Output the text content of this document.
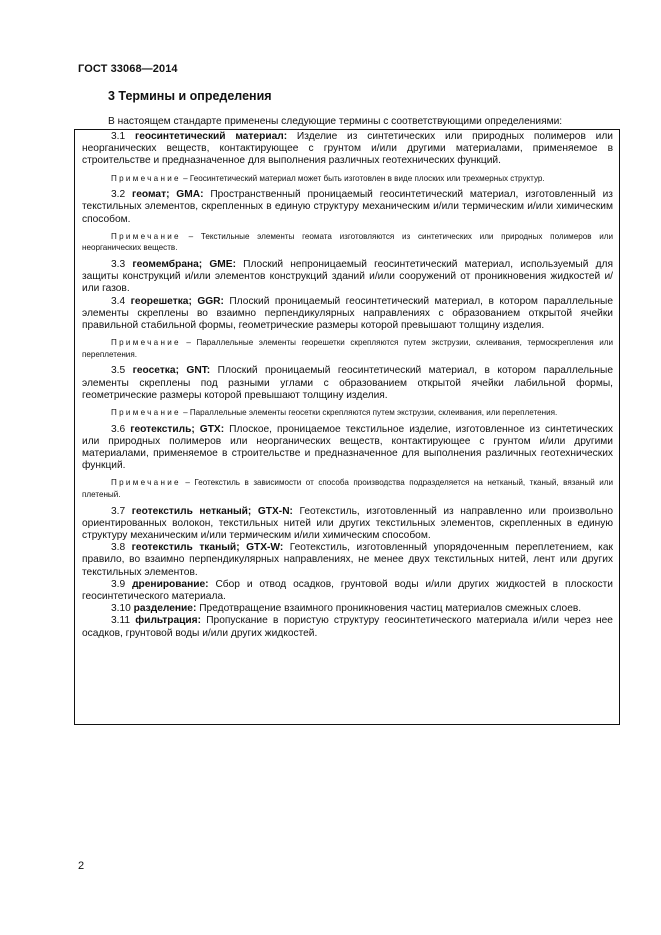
ГОСТ 33068—2014
3 Термины и определения
В настоящем стандарте применены следующие термины с соответствующими определениями:

3.1 геосинтетический материал: Изделие из синтетических или природных полимеров или неорганических веществ, контактирующее с грунтом и/или другими материалами, применяемое в строительстве и предназначенное для выполнения различных геотехнических функций.

Примечание – Геосинтетический материал может быть изготовлен в виде плоских или трехмерных структур.

3.2 геомат; GMA: Пространственный проницаемый геосинтетический материал, изготовленный из текстильных элементов, скрепленных в единую структуру механическим и/или термическим и/или химическим способом.

Примечание – Текстильные элементы геомата изготовляются из синтетических или природных полимеров или неорганических веществ.

3.3 геомембрана; GME: Плоский непроницаемый геосинтетический материал, используемый для защиты конструкций и/или элементов конструкций зданий и/или сооружений от проникновения жидкостей и/или газов.

3.4 георешетка; GGR: Плоский проницаемый геосинтетический материал, в котором параллельные элементы скреплены во взаимно перпендикулярных направлениях с образованием открытой ячейки правильной стабильной формы, геометрические размеры которой превышают толщину изделия.

Примечание – Параллельные элементы георешетки скрепляются путем экструзии, склеивания, термоскрепления или переплетения.

3.5 геосетка; GNT: Плоский проницаемый геосинтетический материал, в котором параллельные элементы скреплены под разными углами с образованием открытой ячейки лабильной формы, геометрические размеры которой превышают толщину изделия.

Примечание – Параллельные элементы геосетки скрепляются путем экструзии, склеивания, или переплетения.

3.6 геотекстиль; GTX: Плоское, проницаемое текстильное изделие, изготовленное из синтетических или природных полимеров или неорганических веществ, контактирующее с грунтом и/или другими материалами, применяемое в строительстве и предназначенное для выполнения различных геотехнических функций.

Примечание – Геотекстиль в зависимости от способа производства подразделяется на нетканый, тканый, вязаный или плетеный.

3.7 геотекстиль нетканый; GTX-N: Геотекстиль, изготовленный из направленно или произвольно ориентированных волокон, текстильных нитей или других текстильных элементов, скрепленных в единую структуру механическим и/или термическим и/или химическим способом.

3.8 геотекстиль тканый; GTX-W: Геотекстиль, изготовленный упорядоченным переплетением, как правило, во взаимно перпендикулярных направлениях, не менее двух текстильных нитей, лент или других текстильных элементов.

3.9 дренирование: Сбор и отвод осадков, грунтовой воды и/или других жидкостей в плоскости геосинтетического материала.

3.10 разделение: Предотвращение взаимного проникновения частиц материалов смежных слоев.

3.11 фильтрация: Пропускание в пористую структуру геосинтетического материала и/или через нее осадков, грунтовой воды и/или других жидкостей.

2
